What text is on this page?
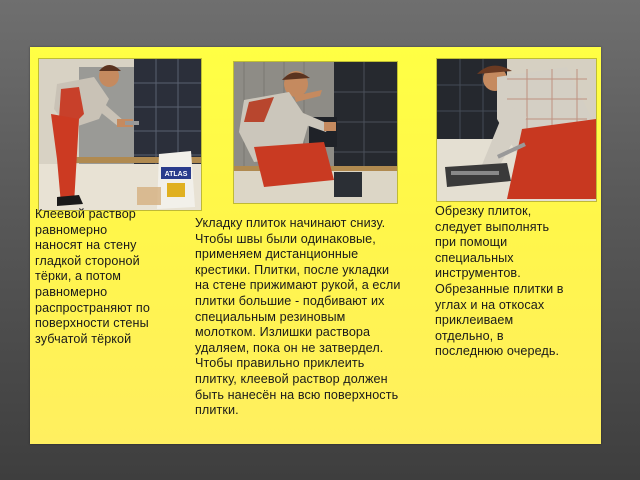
ATLAS
Клеевой раствор
равномерно
наносят на стену
гладкой стороной
тёрки, а потом
равномерно
распространяют по
поверхности стены
зубчатой тёркой
Укладку плиток начинают снизу.
Чтобы швы были одинаковые,
применяем дистанционные
крестики. Плитки, после укладки
на стене прижимают рукой, а если
плитки большие - подбивают их
специальным резиновым
молотком. Излишки раствора
удаляем, пока он не затвердел.
Чтобы правильно приклеить
плитку, клеевой раствор должен
быть нанесён на всю поверхность
плитки.
Обрезку плиток,
следует выполнять
при помощи
специальных
инструментов.
Обрезанные плитки в
углах и на откосах
приклеиваем
отдельно, в
последнюю очередь.
